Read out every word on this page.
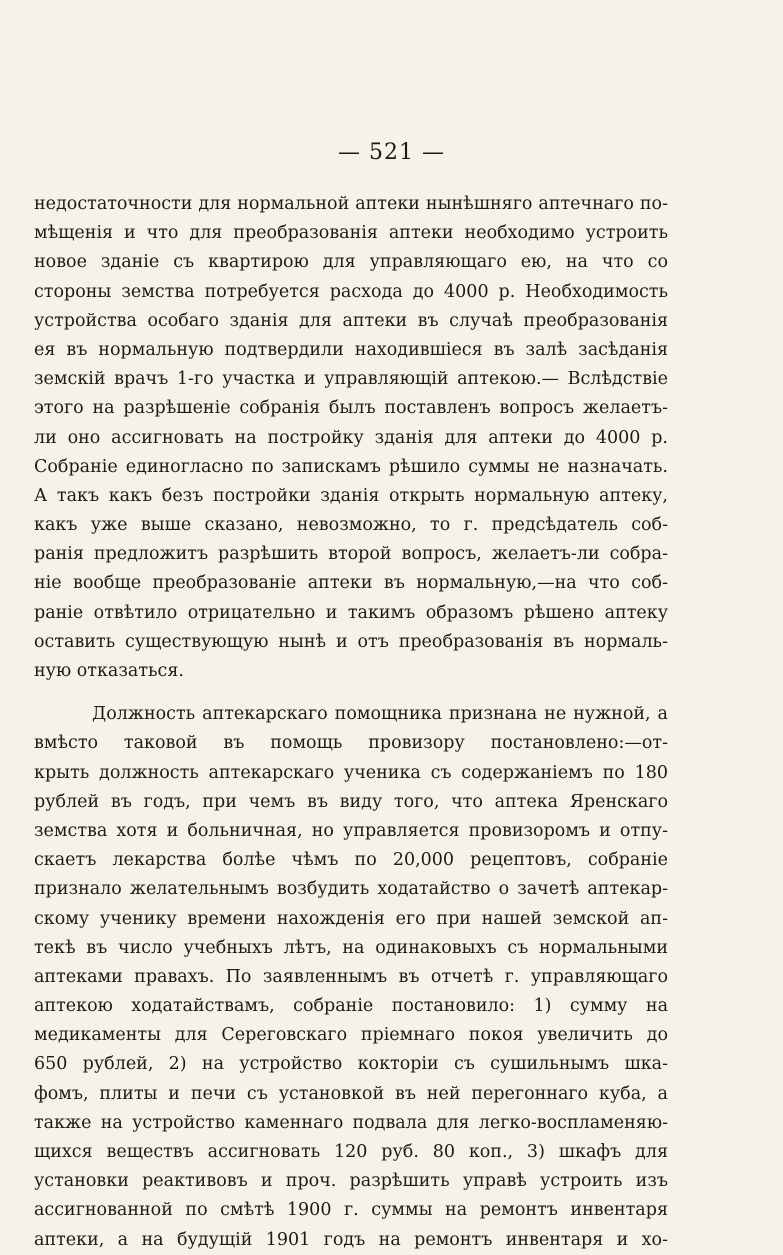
— 521 —
недостаточности для нормальной аптеки нынѣшняго аптечнаго по-
мѣщенія и что для преобразованія аптеки необходимо устроить
новое зданіе съ квартирою для управляющаго ею, на что со
стороны земства потребуется расхода до 4000 р. Необходимость
устройства особаго зданія для аптеки въ случаѣ преобразованія
ея въ нормальную подтвердили находившіеся въ залѣ засѣданія
земскій врачъ 1-го участка и управляющій аптекою.— Вслѣдствіе
этого на разрѣшеніе собранія былъ поставленъ вопросъ желаетъ-
ли оно ассигновать на постройку зданія для аптеки до 4000 р.
Собраніе единогласно по запискамъ рѣшило суммы не назначать.
А такъ какъ безъ постройки зданія открыть нормальную аптеку,
какъ уже выше сказано, невозможно, то г. предсѣдатель соб-
ранія предложитъ разрѣшить второй вопросъ, желаетъ-ли собра-
ніе вообще преобразованіе аптеки въ нормальную,—на что соб-
раніе отвѣтило отрицательно и такимъ образомъ рѣшено аптеку
оставить существующую нынѣ и отъ преобразованія въ нормаль-
ную отказаться.
Должность аптекарскаго помощника признана не нужной, а
вмѣсто таковой въ помощь провизору постановлено:—от-
крыть должность аптекарскаго ученика съ содержаніемъ по 180
рублей въ годъ, при чемъ въ виду того, что аптека Яренскаго
земства хотя и больничная, но управляется провизоромъ и отпу-
скаетъ лекарства болѣе чѣмъ по 20,000 рецептовъ, собраніе
признало желательнымъ возбудить ходатайство о зачетѣ аптекар-
скому ученику времени нахожденія его при нашей земской ап-
текѣ въ число учебныхъ лѣтъ, на одинаковыхъ съ нормальными
аптеками правахъ. По заявленнымъ въ отчетѣ г. управляющаго
аптекою ходатайствамъ, собраніе постановило: 1) сумму на
медикаменты для Сереговскаго пріемнаго покоя увеличить до
650 рублей, 2) на устройство кокторіи съ сушильнымъ шка-
фомъ, плиты и печи съ установкой въ ней перегоннаго куба, а
также на устройство каменнаго подвала для легко-воспламеняю-
щихся веществъ ассигновать 120 руб. 80 коп., 3) шкафъ для
установки реактивовъ и проч. разрѣшить управѣ устроить изъ
ассигнованной по смѣтѣ 1900 г. суммы на ремонтъ инвентаря
аптеки, а на будущій 1901 годъ на ремонтъ инвентаря и хо-
